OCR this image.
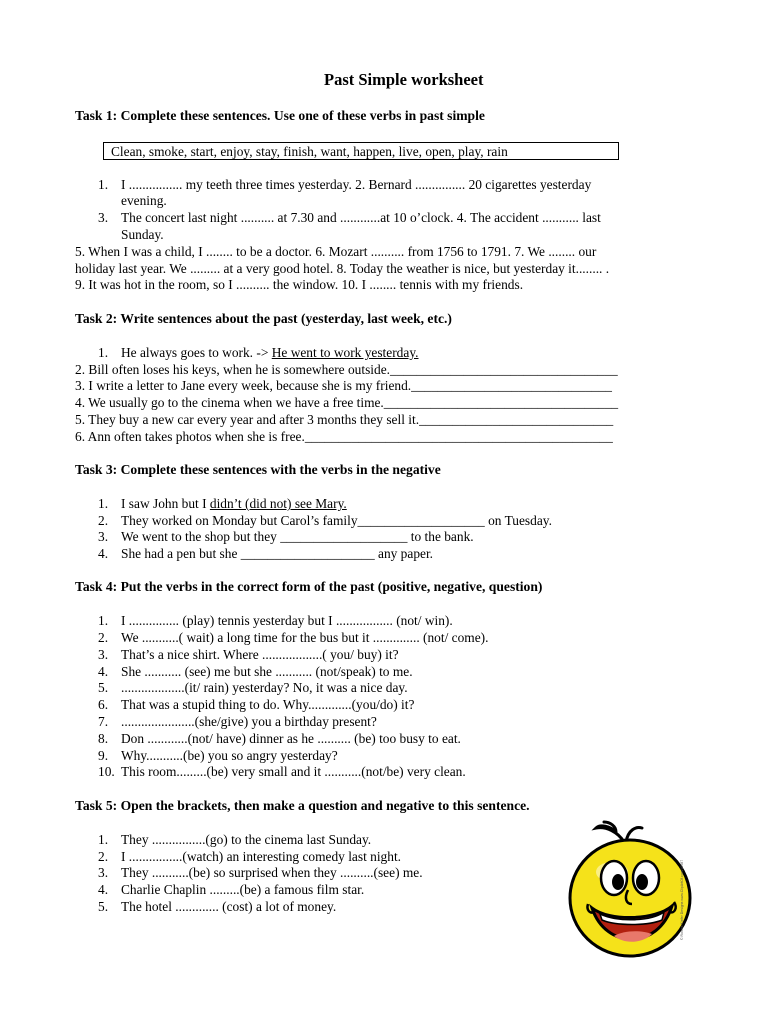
Past Simple worksheet
Task 1: Complete these sentences. Use one of these verbs in past simple
Clean, smoke, start, enjoy, stay, finish, want, happen, live, open, play, rain
1. I ................ my teeth three times yesterday. 2. Bernard ............... 20 cigarettes yesterday
evening.
3. The concert last night .......... at 7.30 and ............at 10 o’clock. 4. The accident ........... last
Sunday.
5. When I was a child, I ........ to be a doctor. 6. Mozart .......... from 1756 to 1791. 7. We ........ our
holiday last year. We ......... at a very good hotel. 8. Today the weather is nice, but yesterday it........ .
9. It was hot in the room, so I .......... the window. 10. I ........ tennis with my friends.
Task 2: Write sentences about the past (yesterday, last week, etc.)
1. He always goes to work. -> He went to work yesterday.
2. Bill often loses his keys, when he is somewhere outside.__________________________________
3. I write a letter to Jane every week, because she is my friend.______________________________
4. We usually go to the cinema when we have a free time.___________________________________
5. They buy a new car every year and after 3 months they sell it._____________________________
6. Ann often takes photos when she is free.______________________________________________
Task 3: Complete these sentences with the verbs in the negative
1. I saw John but I didn’t (did not) see Mary.
2. They worked on Monday but Carol’s family___________________ on Tuesday.
3. We went to the shop but they ___________________ to the bank.
4. She had a pen but she ____________________ any paper.
Task 4: Put the verbs in the correct form of the past (positive, negative, question)
1. I ............... (play) tennis yesterday but I ................. (not/ win).
2. We ...........( wait) a long time for the bus but it .............. (not/ come).
3. That’s a nice shirt. Where ..................( you/ buy) it?
4. She ........... (see) me but she ........... (not/speak) to me.
5. ...................(it/ rain) yesterday? No, it was a nice day.
6. That was a stupid thing to do. Why.............(you/do) it?
7. ......................(she/give) you a birthday present?
8. Don ............(not/ have) dinner as he .......... (be) too busy to eat.
9. Why...........(be) you so angry yesterday?
10. This room.........(be) very small and it ...........(not/be) very clean.
Task 5: Open the brackets, then make a question and negative to this sentence.
1. They ................(go) to the cinema last Sunday.
2. I ................(watch) an interesting comedy last night.
3. They ...........(be) so surprised when they ..........(see) me.
4. Charlie Chaplin .........(be) a famous film star.
5. The hotel ............. (cost) a lot of money.	© Ronnie Kiefer Designs www.ClipArtOf.com/16987
